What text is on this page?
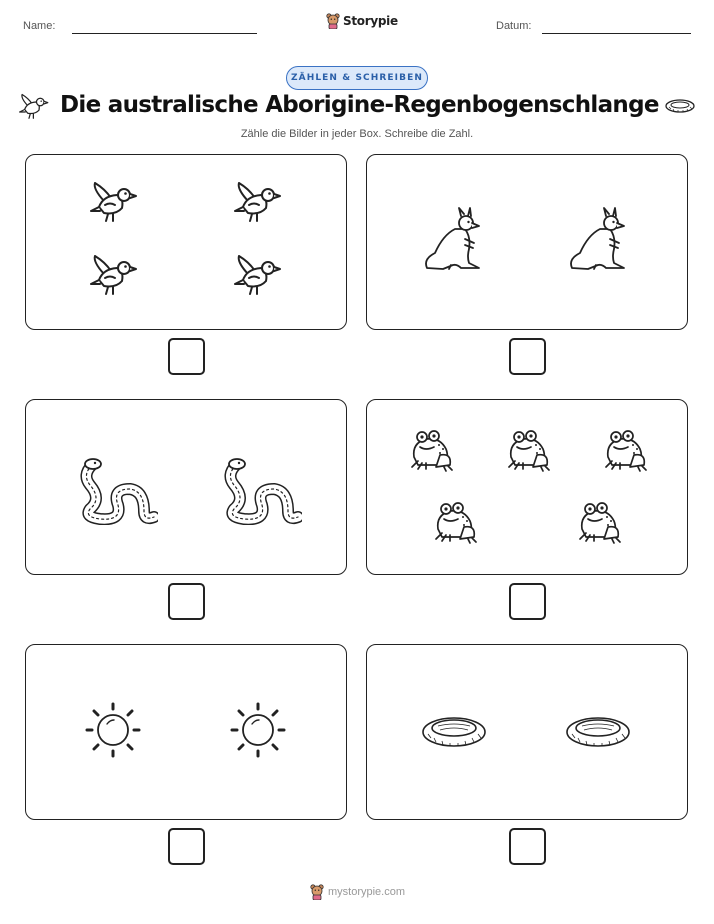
Name:	Storypie	Datum:
ZÄHLEN & SCHREIBEN
Die australische Aborigine-Regenbogenschlange
Zähle die Bilder in jeder Box. Schreibe die Zahl.
mystorypie.com
